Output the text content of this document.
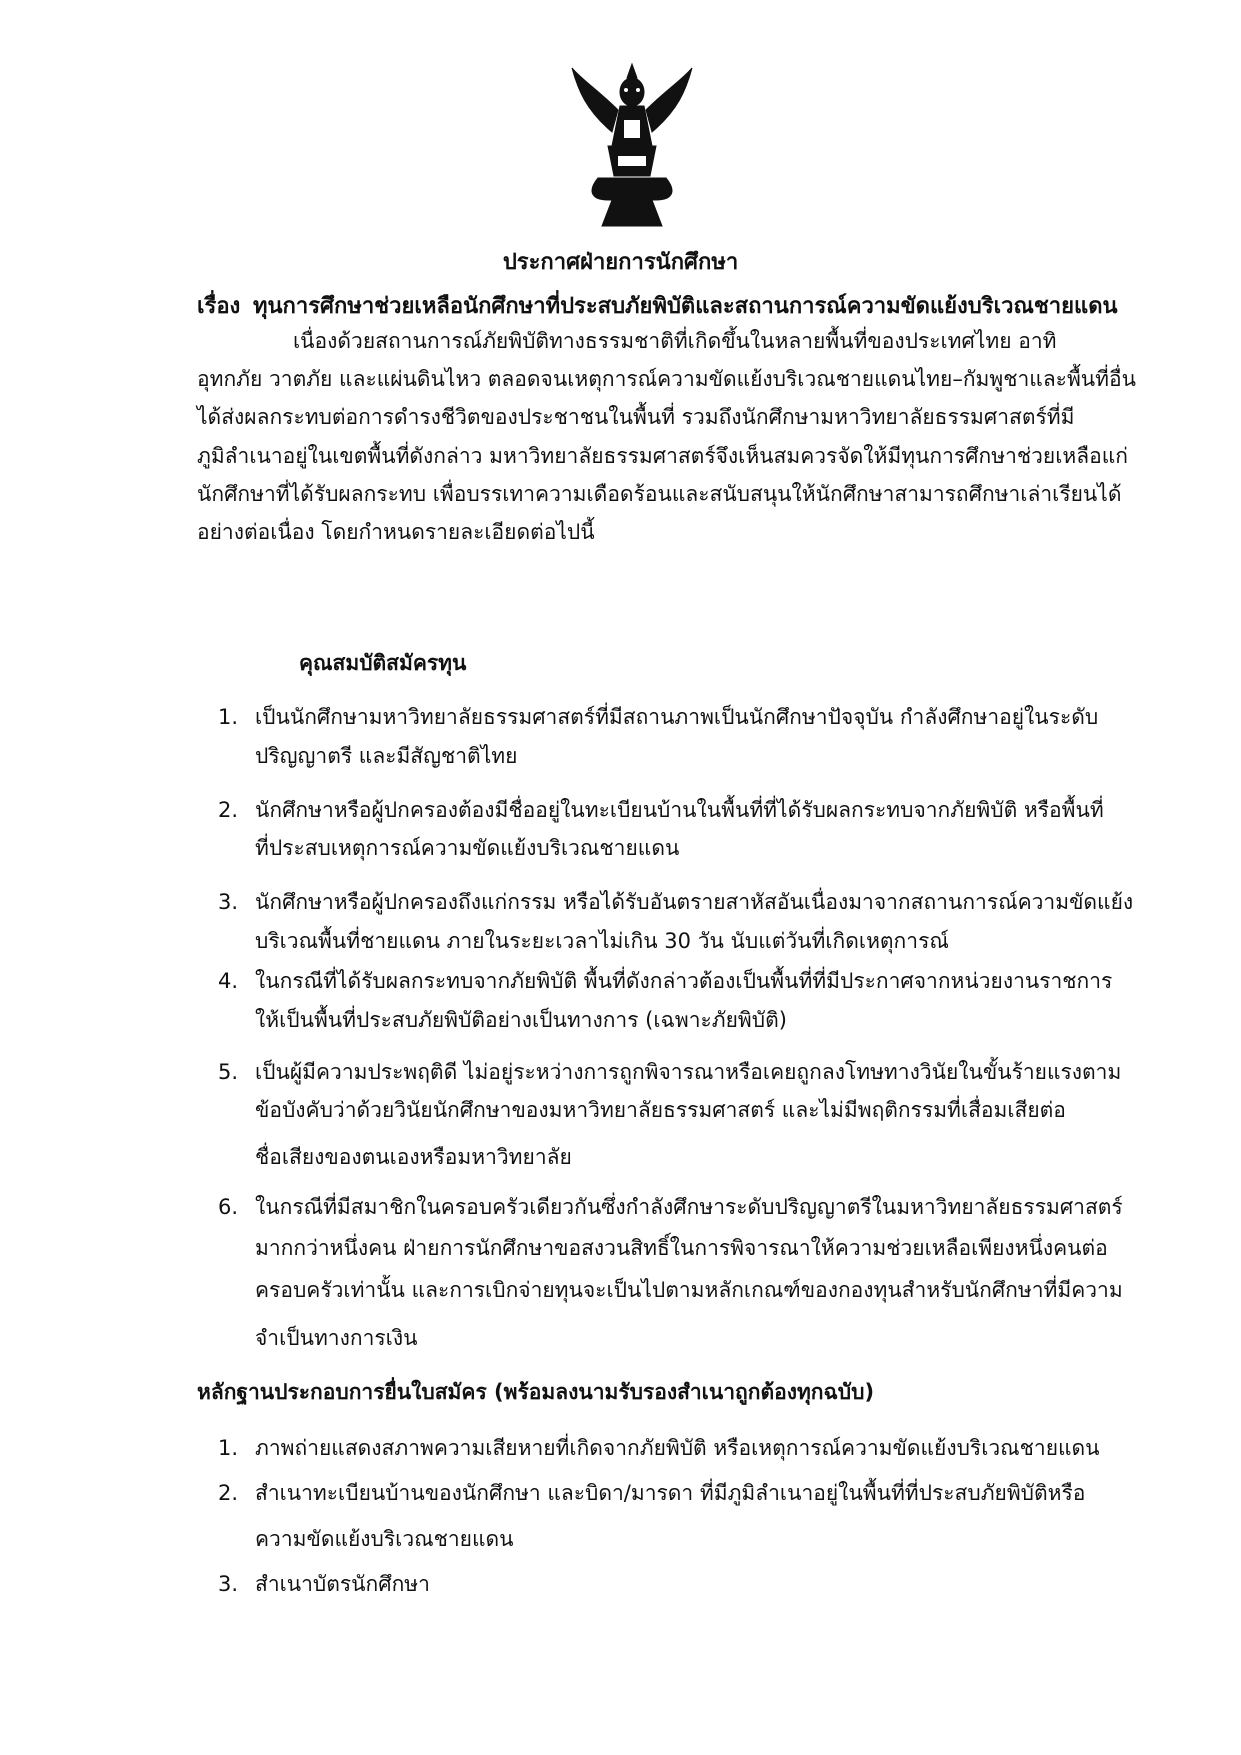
ประกาศฝ่ายการนักศึกษา
เรื่อง ทุนการศึกษาช่วยเหลือนักศึกษาที่ประสบภัยพิบัติและสถานการณ์ความขัดแย้งบริเวณชายแดน
เนื่องด้วยสถานการณ์ภัยพิบัติทางธรรมชาติที่เกิดขึ้นในหลายพื้นที่ของประเทศไทย อาทิ
อุทกภัย วาตภัย และแผ่นดินไหว ตลอดจนเหตุการณ์ความขัดแย้งบริเวณชายแดนไทย–กัมพูชาและพื้นที่อื่น
ได้ส่งผลกระทบต่อการดำรงชีวิตของประชาชนในพื้นที่ รวมถึงนักศึกษามหาวิทยาลัยธรรมศาสตร์ที่มี
ภูมิลำเนาอยู่ในเขตพื้นที่ดังกล่าว มหาวิทยาลัยธรรมศาสตร์จึงเห็นสมควรจัดให้มีทุนการศึกษาช่วยเหลือแก่
นักศึกษาที่ได้รับผลกระทบ เพื่อบรรเทาความเดือดร้อนและสนับสนุนให้นักศึกษาสามารถศึกษาเล่าเรียนได้
อย่างต่อเนื่อง โดยกำหนดรายละเอียดต่อไปนี้
คุณสมบัติสมัครทุน
1. เป็นนักศึกษามหาวิทยาลัยธรรมศาสตร์ที่มีสถานภาพเป็นนักศึกษาปัจจุบัน กำลังศึกษาอยู่ในระดับ
ปริญญาตรี และมีสัญชาติไทย
2. นักศึกษาหรือผู้ปกครองต้องมีชื่ออยู่ในทะเบียนบ้านในพื้นที่ที่ได้รับผลกระทบจากภัยพิบัติ หรือพื้นที่
ที่ประสบเหตุการณ์ความขัดแย้งบริเวณชายแดน
3. นักศึกษาหรือผู้ปกครองถึงแก่กรรม หรือได้รับอันตรายสาหัสอันเนื่องมาจากสถานการณ์ความขัดแย้ง
บริเวณพื้นที่ชายแดน ภายในระยะเวลาไม่เกิน 30 วัน นับแต่วันที่เกิดเหตุการณ์
4. ในกรณีที่ได้รับผลกระทบจากภัยพิบัติ พื้นที่ดังกล่าวต้องเป็นพื้นที่ที่มีประกาศจากหน่วยงานราชการ
ให้เป็นพื้นที่ประสบภัยพิบัติอย่างเป็นทางการ (เฉพาะภัยพิบัติ)
5. เป็นผู้มีความประพฤติดี ไม่อยู่ระหว่างการถูกพิจารณาหรือเคยถูกลงโทษทางวินัยในขั้นร้ายแรงตาม
ข้อบังคับว่าด้วยวินัยนักศึกษาของมหาวิทยาลัยธรรมศาสตร์ และไม่มีพฤติกรรมที่เสื่อมเสียต่อ
ชื่อเสียงของตนเองหรือมหาวิทยาลัย
6. ในกรณีที่มีสมาชิกในครอบครัวเดียวกันซึ่งกำลังศึกษาระดับปริญญาตรีในมหาวิทยาลัยธรรมศาสตร์
มากกว่าหนึ่งคน ฝ่ายการนักศึกษาขอสงวนสิทธิ์ในการพิจารณาให้ความช่วยเหลือเพียงหนึ่งคนต่อ
ครอบครัวเท่านั้น และการเบิกจ่ายทุนจะเป็นไปตามหลักเกณฑ์ของกองทุนสำหรับนักศึกษาที่มีความ
จำเป็นทางการเงิน
หลักฐานประกอบการยื่นใบสมัคร (พร้อมลงนามรับรองสำเนาถูกต้องทุกฉบับ)
1. ภาพถ่ายแสดงสภาพความเสียหายที่เกิดจากภัยพิบัติ หรือเหตุการณ์ความขัดแย้งบริเวณชายแดน
2. สำเนาทะเบียนบ้านของนักศึกษา และบิดา/มารดา ที่มีภูมิลำเนาอยู่ในพื้นที่ที่ประสบภัยพิบัติหรือ
ความขัดแย้งบริเวณชายแดน
3. สำเนาบัตรนักศึกษา
